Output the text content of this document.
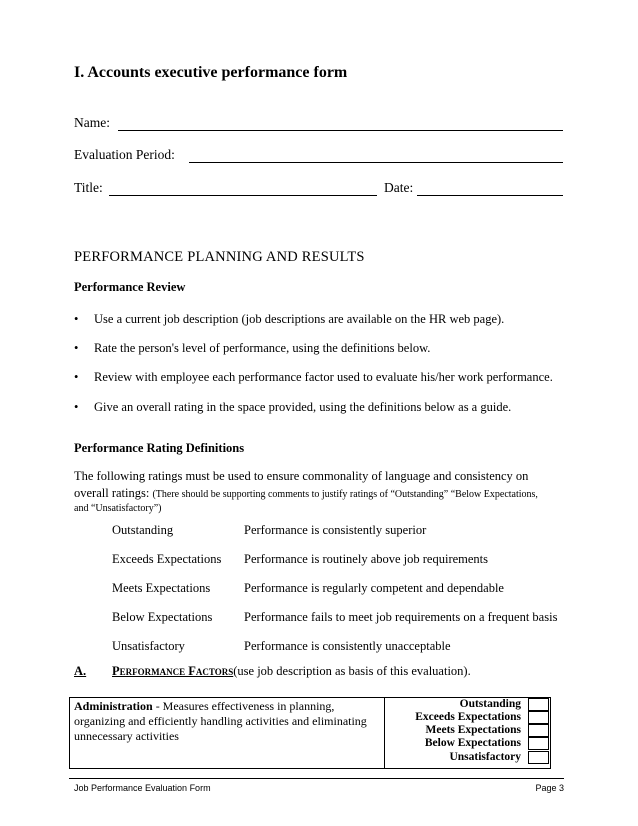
I. Accounts executive performance form
Name:
Evaluation Period:
Title:	Date:
PERFORMANCE PLANNING AND RESULTS
Performance Review
• Use a current job description (job descriptions are available on the HR web page).
• Rate the person's level of performance, using the definitions below.
• Review with employee each performance factor used to evaluate his/her work performance.
• Give an overall rating in the space provided, using the definitions below as a guide.
Performance Rating Definitions
The following ratings must be used to ensure commonality of language and consistency on
overall ratings: (There should be supporting comments to justify ratings of “Outstanding” “Below Expectations,
and “Unsatisfactory”)
Outstanding	Performance is consistently superior
Exceeds Expectations Performance is routinely above job requirements
Meets Expectations	Performance is regularly competent and dependable
Below Expectations	Performance fails to meet job requirements on a frequent basis
Unsatisfactory	Performance is consistently unacceptable
A. Performance Factors(use job description as basis of this evaluation).
Administration - Measures effectiveness in planning,
organizing and efficiently handling activities and eliminating
unnecessary activities
Outstanding
Exceeds Expectations
Meets Expectations
Below Expectations
Unsatisfactory
Job Performance Evaluation Form	Page 3
